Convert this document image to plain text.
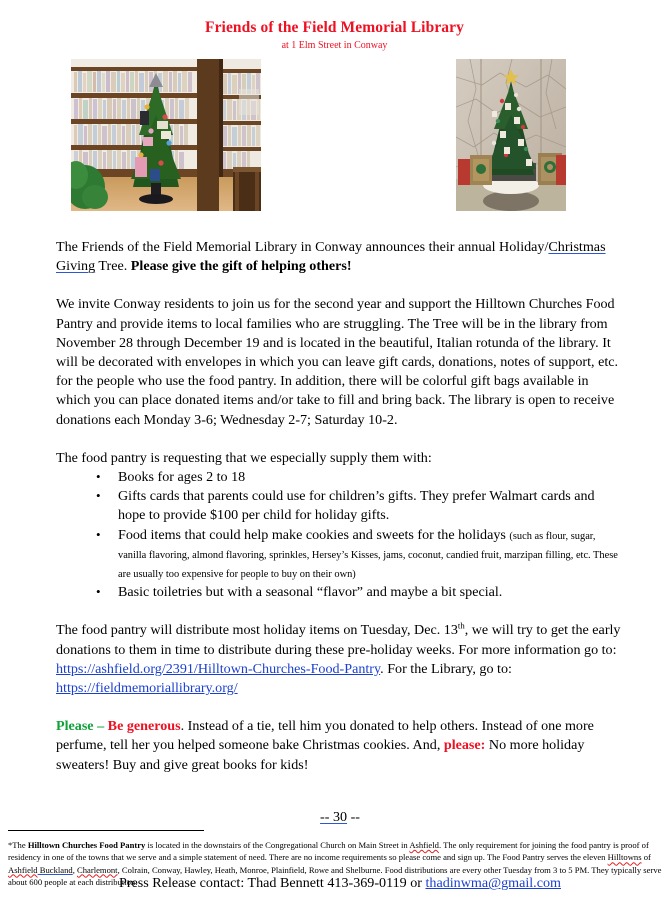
Friends of the Field Memorial Library
at 1 Elm Street in Conway

The Friends of the Field Memorial Library in Conway announces their annual Holiday/Christmas Giving Tree. Please give the gift of helping others!

We invite Conway residents to join us for the second year and support the Hilltown Churches Food Pantry and provide items to local families who are struggling. The Tree will be in the library from November 28 through December 19 and is located in the beautiful, Italian rotunda of the library. It will be decorated with envelopes in which you can leave gift cards, donations, notes of support, etc. for the people who use the food pantry. In addition, there will be colorful gift bags available in which you can place donated items and/or take to fill and bring back. The library is open to receive donations each Monday 3-6; Wednesday 2-7; Saturday 10-2.

The food pantry is requesting that we especially supply them with:

• Books for ages 2 to 18
• Gifts cards that parents could use for children’s gifts. They prefer Walmart cards and hope to provide $100 per child for holiday gifts.
• Food items that could help make cookies and sweets for the holidays (such as flour, sugar, vanilla flavoring, almond flavoring, sprinkles, Hersey’s Kisses, jams, coconut, candied fruit, marzipan filling, etc. These are usually too expensive for people to buy on their own)
• Basic toiletries but with a seasonal “flavor” and maybe a bit special.

The food pantry will distribute most holiday items on Tuesday, Dec. 13th, we will try to get the early donations to them in time to distribute during these pre-holiday weeks. For more information go to: https://ashfield.org/2391/Hilltown-Churches-Food-Pantry. For the Library, go to: https://fieldmemoriallibrary.org/

Please – Be generous. Instead of a tie, tell him you donated to help others. Instead of one more perfume, tell her you helped someone bake Christmas cookies. And, please: No more holiday sweaters! Buy and give great books for kids!

-- 30 --

Press Release contact: Thad Bennett 413-369-0119 or thadinwma@gmail.com

*The Hilltown Churches Food Pantry is located in the downstairs of the Congregational Church on Main Street in Ashfield. The only requirement for joining the food pantry is proof of residency in one of the towns that we serve and a simple statement of need. There are no income requirements so please come and sign up. The Food Pantry serves the eleven Hilltowns of Ashfield Buckland, Charlemont, Colrain, Conway, Hawley, Heath, Monroe, Plainfield, Rowe and Shelburne. Food distributions are every other Tuesday from 3 to 5 PM. They typically serve about 600 people at each distribution.
